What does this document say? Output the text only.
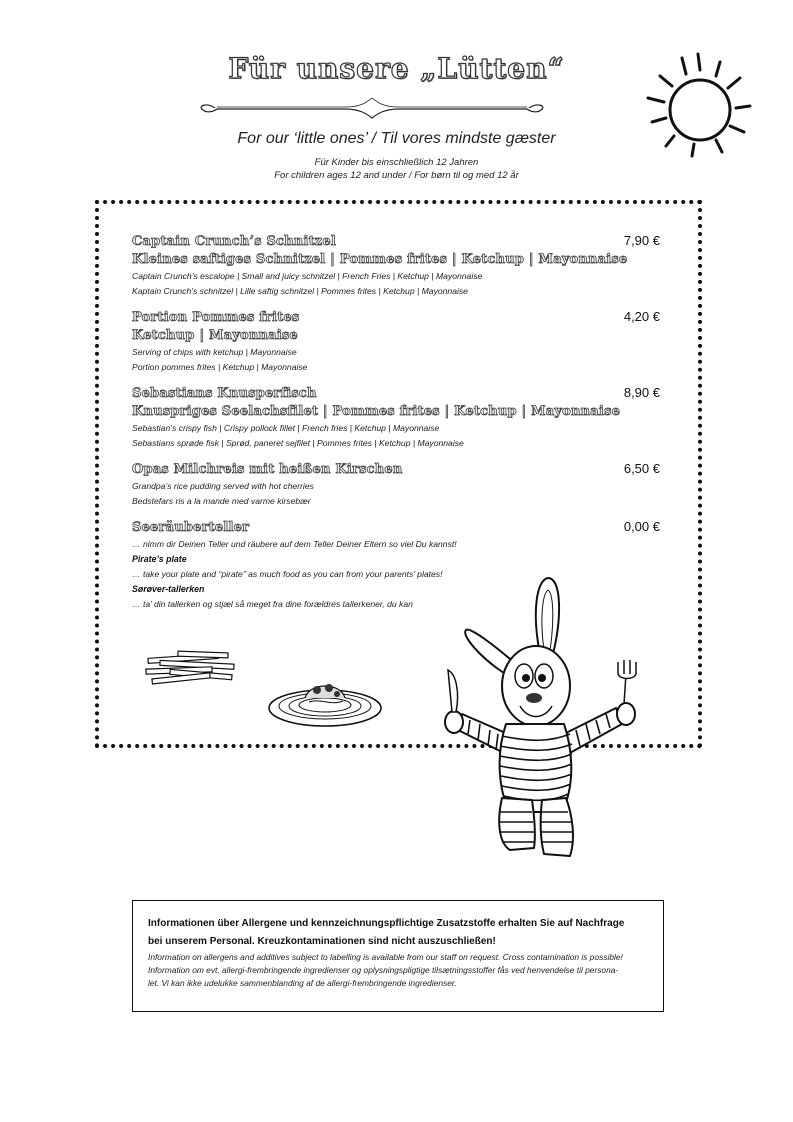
Für unsere „Lütten“
For our ‘little ones’ / Til vores mindste gæster
Für Kinder bis einschließlich 12 Jahren
For children ages 12 and under / For børn til og med 12 år
Captain Crunch’s Schnitzel
Kleines saftiges Schnitzel | Pommes frites | Ketchup | Mayonnaise
7,90 €
Captain Crunch’s escalope | Small and juicy schnitzel | French Fries | Ketchup | Mayonnaise
Kaptain Crunch’s schnitzel | Lille saftig schnitzel | Pommes frites | Ketchup | Mayonnaise
Portion Pommes frites
Ketchup | Mayonnaise
4,20 €
Serving of chips with ketchup | Mayonnaise
Portion pommes frites | Ketchup | Mayonnaise
Sebastians Knusperfisch
Knuspriges Seelachsfilet | Pommes frites | Ketchup | Mayonnaise
8,90 €
Sebastian’s crispy fish | Crispy pollock fillet | French fries | Ketchup | Mayonnaise
Sebastians sprøde fisk | Sprød, paneret sejfilet | Pommes frites | Ketchup | Mayonnaise
Opas Milchreis mit heißen Kirschen	6,50 €
Grandpa’s rice pudding served with hot cherries
Bedstefars ris a la mande med varme kirsebær
Seeräuberteller	0,00 €
… nimm dir Deinen Teller und räubere auf dem Teller Deiner Eltern so viel Du kannst!
Pirate’s plate
… take your plate and “pirate” as much food as you can from your parents’ plates!
Sørøver-tallerken
… ta’ din tallerken og stjæl så meget fra dine forældres tallerkener, du kan
Informationen über Allergene und kennzeichnungspflichtige Zusatzstoffe erhalten Sie auf Nachfrage
bei unserem Personal. Kreuzkontaminationen sind nicht auszuschließen!
Information on allergens and additives subject to labelling is available from our staff on request. Cross contamination is possible!
Information om evt. allergi-frembringende ingredienser og oplysningspligtige tilsætningsstoffer fås ved henvendelse til persona-
let. Vi kan ikke udelukke sammenblanding af de allergi-frembringende ingredienser.
